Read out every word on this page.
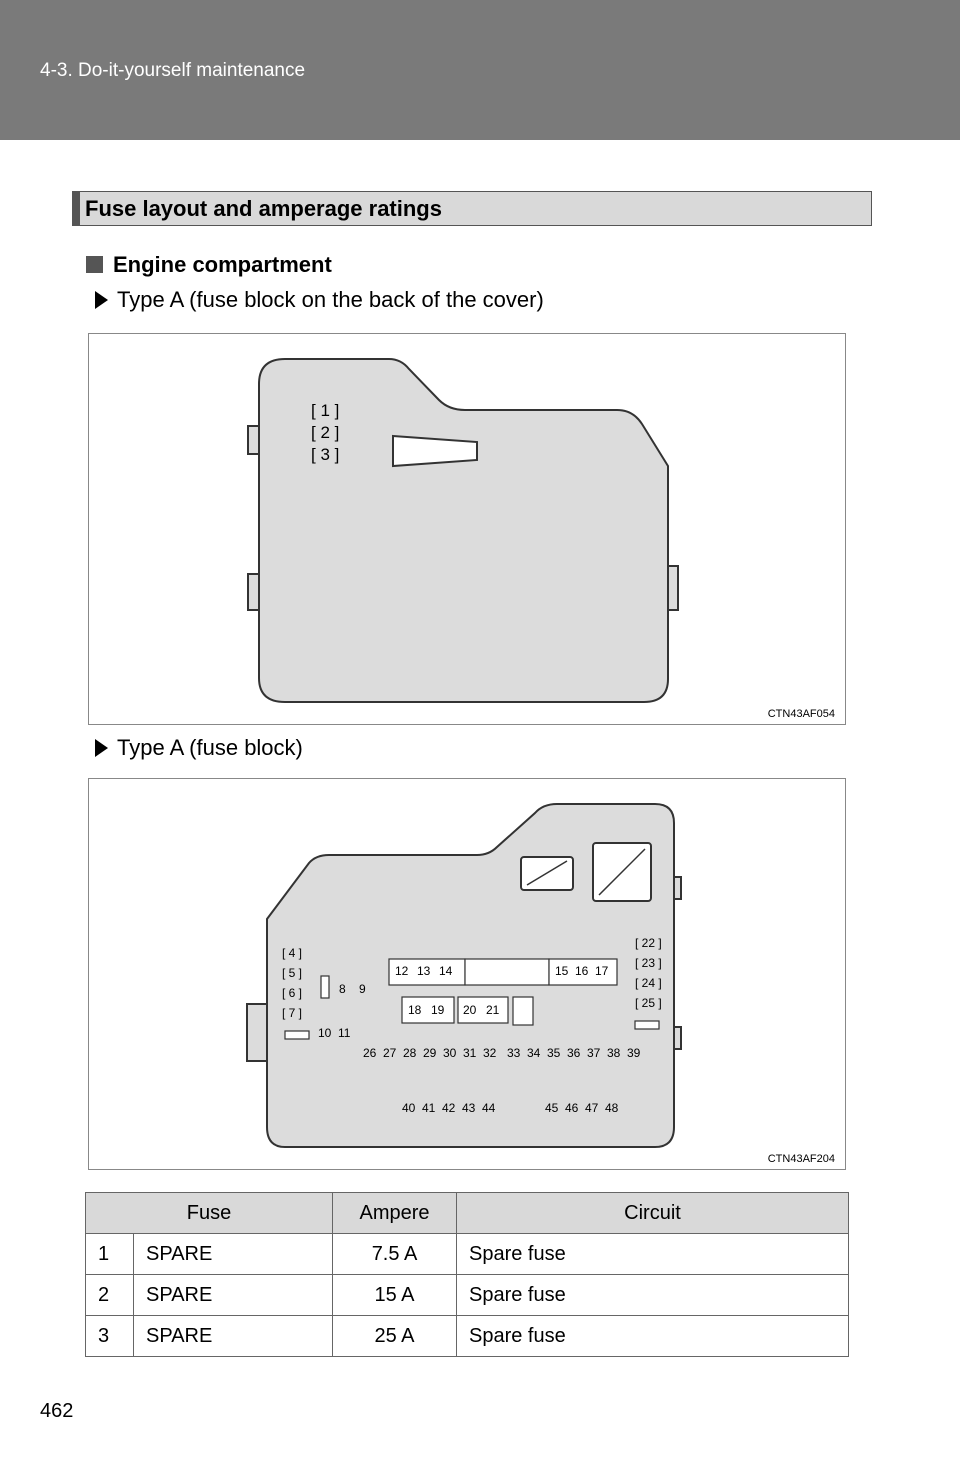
4-3. Do-it-yourself maintenance
Fuse layout and amperage ratings
Engine compartment
Type A (fuse block on the back of the cover)
[ 1 ]
[ 2 ]
[ 3 ]
CTN43AF054
Type A (fuse block)
[ 4 ]
[ 5 ]
[ 6 ]
[ 7 ]
8 9
10 11
12 13 14	15 16 17
18 19 20 21
[ 22 ]
[ 23 ]
[ 24 ]
[ 25 ]
26 27 28 29 30 31 32 33 34 35 36 37 38 39
40 41 42 43 44	45 46 47 48
CTN43AF204
Fuse		Ampere	Circuit
1	SPARE	7.5 A	Spare fuse
2	SPARE	15 A	Spare fuse
3	SPARE	25 A	Spare fuse
462
